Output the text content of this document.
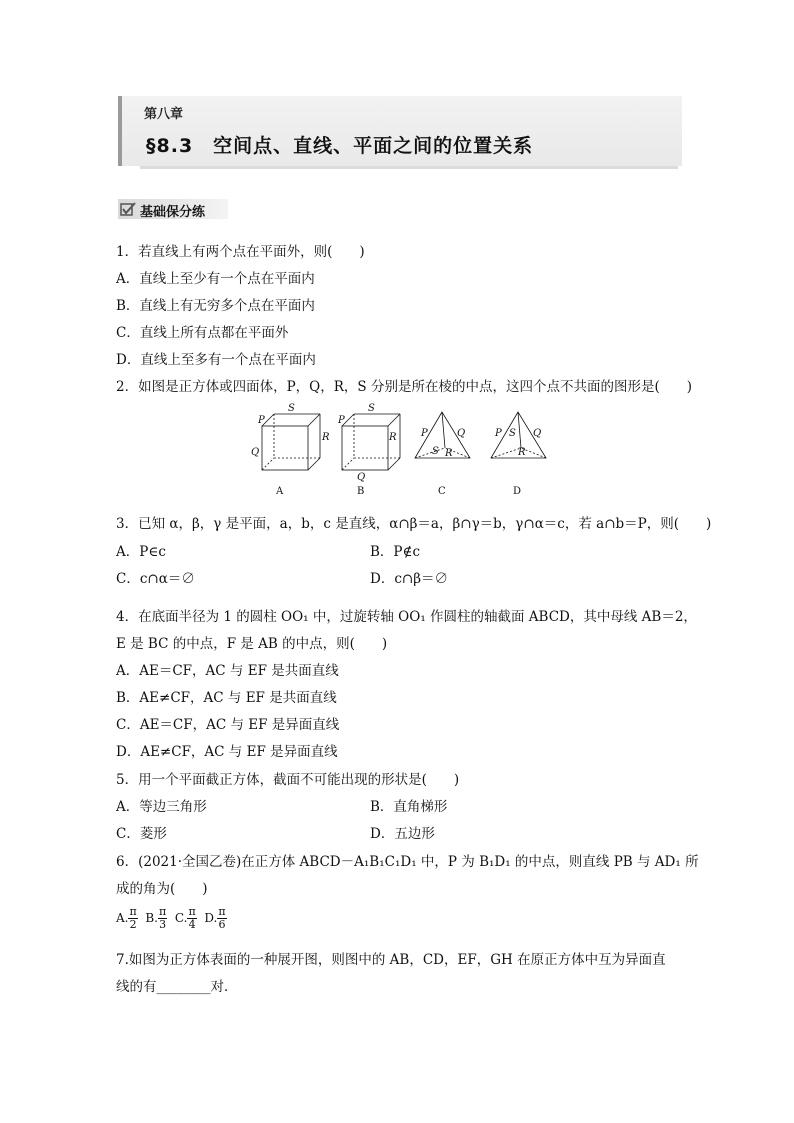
第八章
§8.3　空间点、直线、平面之间的位置关系
基础保分练
1．若直线上有两个点在平面外，则(　　)
A．直线上至少有一个点在平面内
B．直线上有无穷多个点在平面内
C．直线上所有点都在平面外
D．直线上至多有一个点在平面内
2．如图是正方体或四面体，P，Q，R，S 分别是所在棱的中点，这四个点不共面的图形是(　　)
P
S
R
Q
P
S
R
Q
P	Q
S R
P S Q
R
A	B	C	D
3．已知 α，β，γ 是平面，a，b，c 是直线，α∩β＝a，β∩γ＝b，γ∩α＝c，若 a∩b＝P，则(　　)
A．P∈c	B．P∉c
C．c∩α＝∅	D．c∩β＝∅
4．在底面半径为 1 的圆柱 OO₁ 中，过旋转轴 OO₁ 作圆柱的轴截面 ABCD，其中母线 AB＝2，
E 是 BC 的中点，F 是 AB 的中点，则(　　)
A．AE＝CF，AC 与 EF 是共面直线
B．AE≠CF，AC 与 EF 是共面直线
C．AE＝CF，AC 与 EF 是异面直线
D．AE≠CF，AC 与 EF 是异面直线
5．用一个平面截正方体，截面不可能出现的形状是(　　)
A．等边三角形	B．直角梯形
C．菱形	D．五边形
6．(2021·全国乙卷)在正方体 ABCD－A₁B₁C₁D₁ 中，P 为 B₁D₁ 的中点，则直线 PB 与 AD₁ 所
成的角为(　　)
A. $\frac{\pi}{2} B$. $\frac{\pi}{3} C$. $\frac{\pi}{4} D$. $\frac{\pi}{6}$
7.如图为正方体表面的一种展开图，则图中的 AB，CD，EF，GH 在原正方体中互为异面直
线的有________对．
